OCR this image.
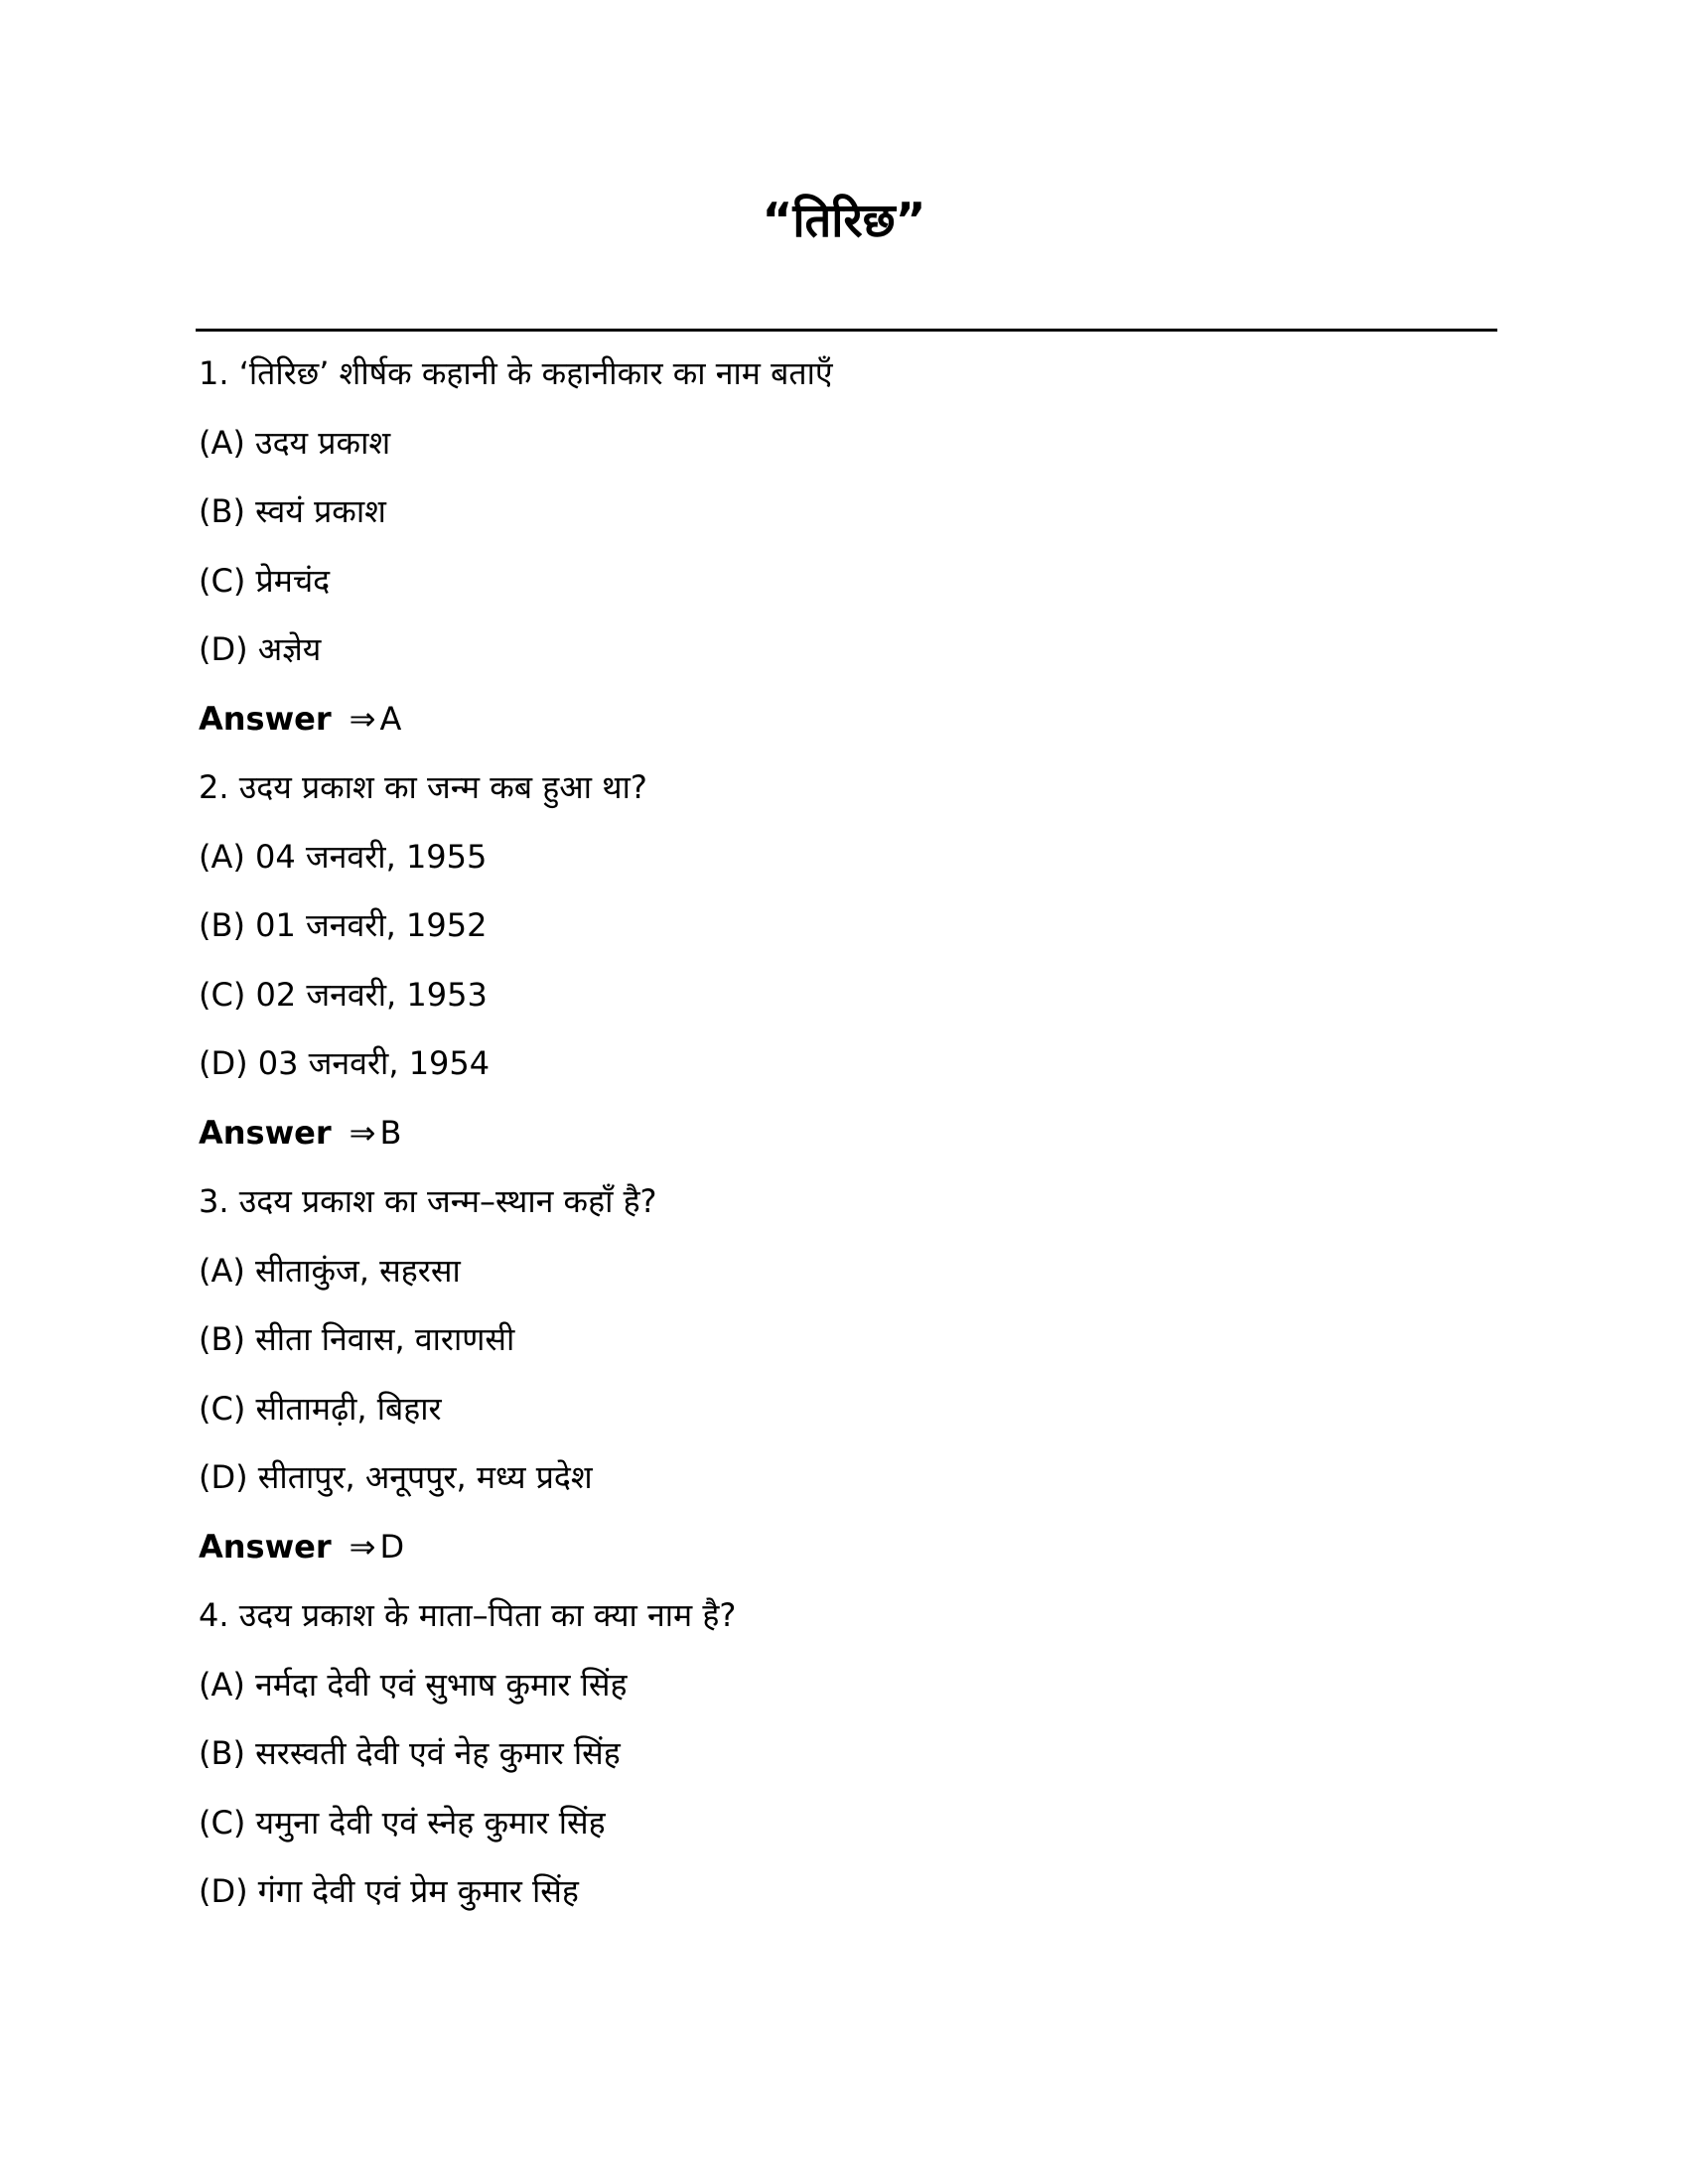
“तिरिछ”

1. ‘तिरिछ’ शीर्षक कहानी के कहानीकार का नाम बताएँ

(A) उदय प्रकाश

(B) स्वयं प्रकाश

(C) प्रेमचंद

(D) अज्ञेय

Answer ⇒ A

2. उदय प्रकाश का जन्म कब हुआ था?

(A) 04 जनवरी, 1955

(B) 01 जनवरी, 1952

(C) 02 जनवरी, 1953

(D) 03 जनवरी, 1954

Answer ⇒ B

3. उदय प्रकाश का जन्म–स्थान कहाँ है?

(A) सीताकुंज, सहरसा

(B) सीता निवास, वाराणसी

(C) सीतामढ़ी, बिहार

(D) सीतापुर, अनूपपुर, मध्य प्रदेश

Answer ⇒ D

4. उदय प्रकाश के माता–पिता का क्या नाम है?

(A) नर्मदा देवी एवं सुभाष कुमार सिंह

(B) सरस्वती देवी एवं नेह कुमार सिंह

(C) यमुना देवी एवं स्नेह कुमार सिंह

(D) गंगा देवी एवं प्रेम कुमार सिंह
